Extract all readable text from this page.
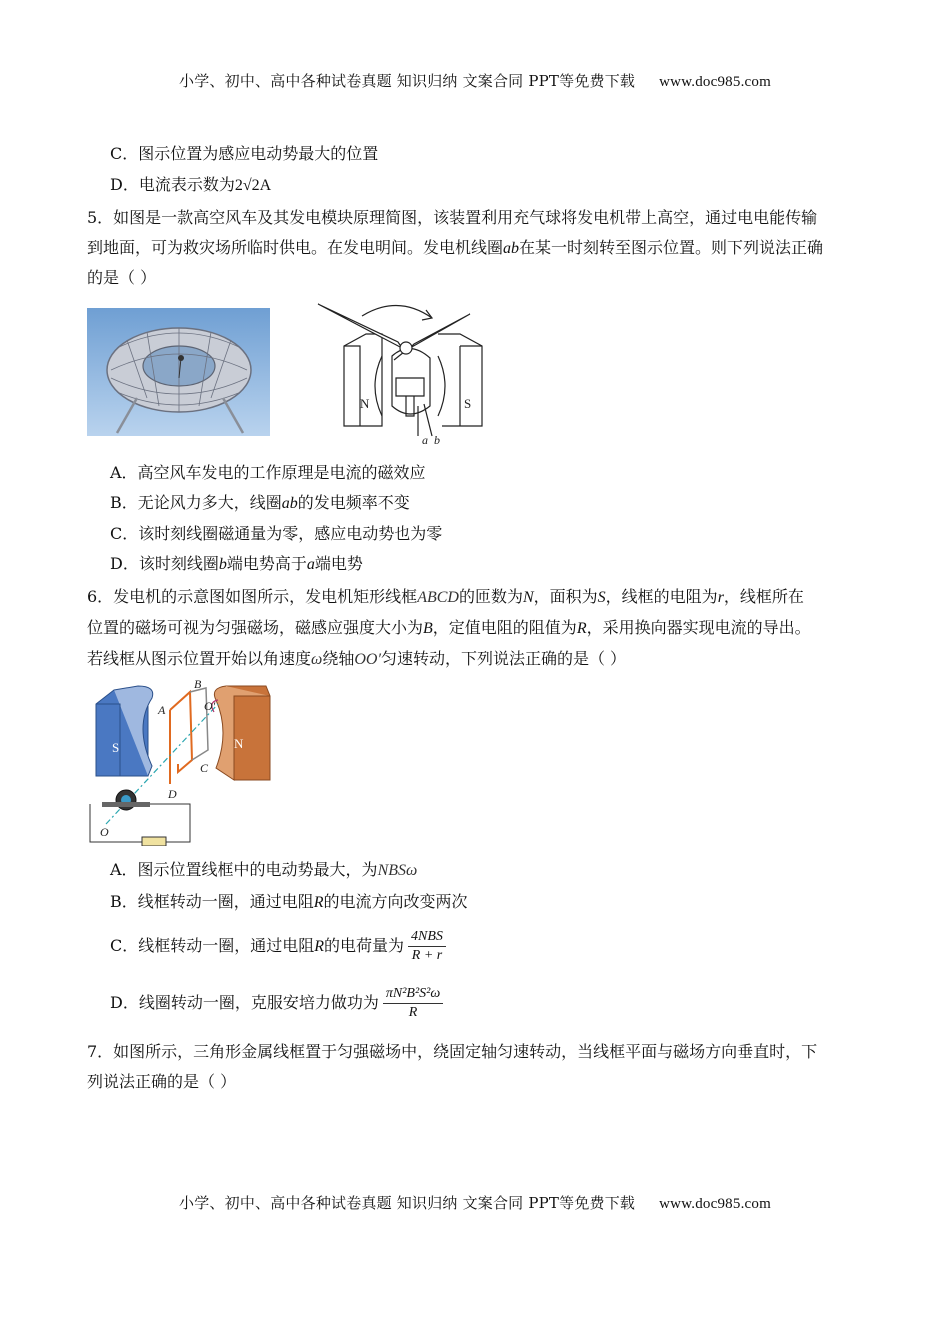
小学、初中、高中各种试卷真题 知识归纳 文案合同 PPT等免费下载 www.doc985.com
C．图示位置为感应电动势最大的位置
D．电流表示数为2√2A
5．如图是一款高空风车及其发电模块原理简图，该装置利用充气球将发电机带上高空，通过电电能传输
到地面，可为救灾场所临时供电。在发电明间。发电机线圈ab在某一时刻转至图示位置。则下列说法正确
的是（ ）
N	S
a b
A．高空风车发电的工作原理是电流的磁效应
B．无论风力多大，线圈ab的发电频率不变
C．该时刻线圈磁通量为零，感应电动势也为零
D．该时刻线圈b端电势高于a端电势
6．发电机的示意图如图所示，发电机矩形线框ABCD的匝数为N，面积为S，线框的电阻为r，线框所在
位置的磁场可视为匀强磁场，磁感应强度大小为B，定值电阻的阻值为R，采用换向器实现电流的导出。
若线框从图示位置开始以角速度ω绕轴OO′匀速转动，下列说法正确的是（ ）
S	N
A
B
C
D
O
O′
A．图示位置线框中的电动势最大，为NBSω
B．线框转动一圈，通过电阻R的电流方向改变两次
C．线框转动一圈，通过电阻R的电荷量为 $\frac{\text{4NBS}}{R + r}$
D．线圈转动一圈，克服安培力做功为 $\frac{\text{πN²B²S²ω}}{R}$
7．如图所示，三角形金属线框置于匀强磁场中，绕固定轴匀速转动，当线框平面与磁场方向垂直时，下
列说法正确的是（ ）
小学、初中、高中各种试卷真题 知识归纳 文案合同 PPT等免费下载 www.doc985.com
